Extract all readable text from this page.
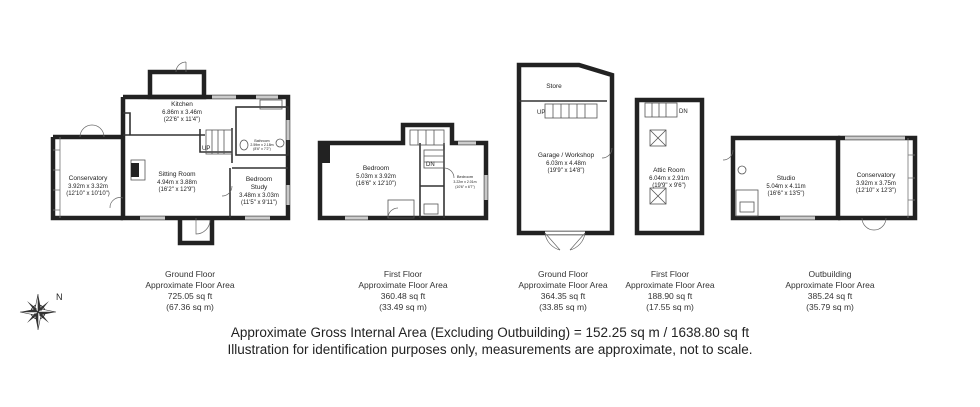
Kitchen
6.86m x 3.46m
(22'6" x 11'4")
Conservatory
3.92m x 3.32m
(12'10" x 10'10")
Sitting Room
4.94m x 3.88m
(16'2" x 12'9")
Bedroom
Study
3.48m x 3.03m
(11'5" x 9'11")
Bathroom
2.59m x 2.18m
(8'6" x 7'2")
UP
Bedroom
5.03m x 3.92m
(16'6" x 12'10")
Bedroom
3.22m x 2.01m
(10'6" x 6'7")
DN
Store
Garage / Workshop
6.03m x 4.48m
(19'9" x 14'8")
UP
Attic Room
6.04m x 2.91m
(19'9" x 9'6")
DN
Studio
5.04m x 4.11m
(16'6" x 13'5")
Conservatory
3.92m x 3.75m
(12'10" x 12'3")
N
Ground Floor
Approximate Floor Area
725.05 sq ft
(67.36 sq m)
First Floor
Approximate Floor Area
360.48 sq ft
(33.49 sq m)
Ground Floor
Approximate Floor Area
364.35 sq ft
(33.85 sq m)
First Floor
Approximate Floor Area
188.90 sq ft
(17.55 sq m)
Outbuilding
Approximate Floor Area
385.24 sq ft
(35.79 sq m)
Approximate Gross Internal Area (Excluding Outbuilding) = 152.25 sq m / 1638.80 sq ft
Illustration for identification purposes only, measurements are approximate, not to scale.
